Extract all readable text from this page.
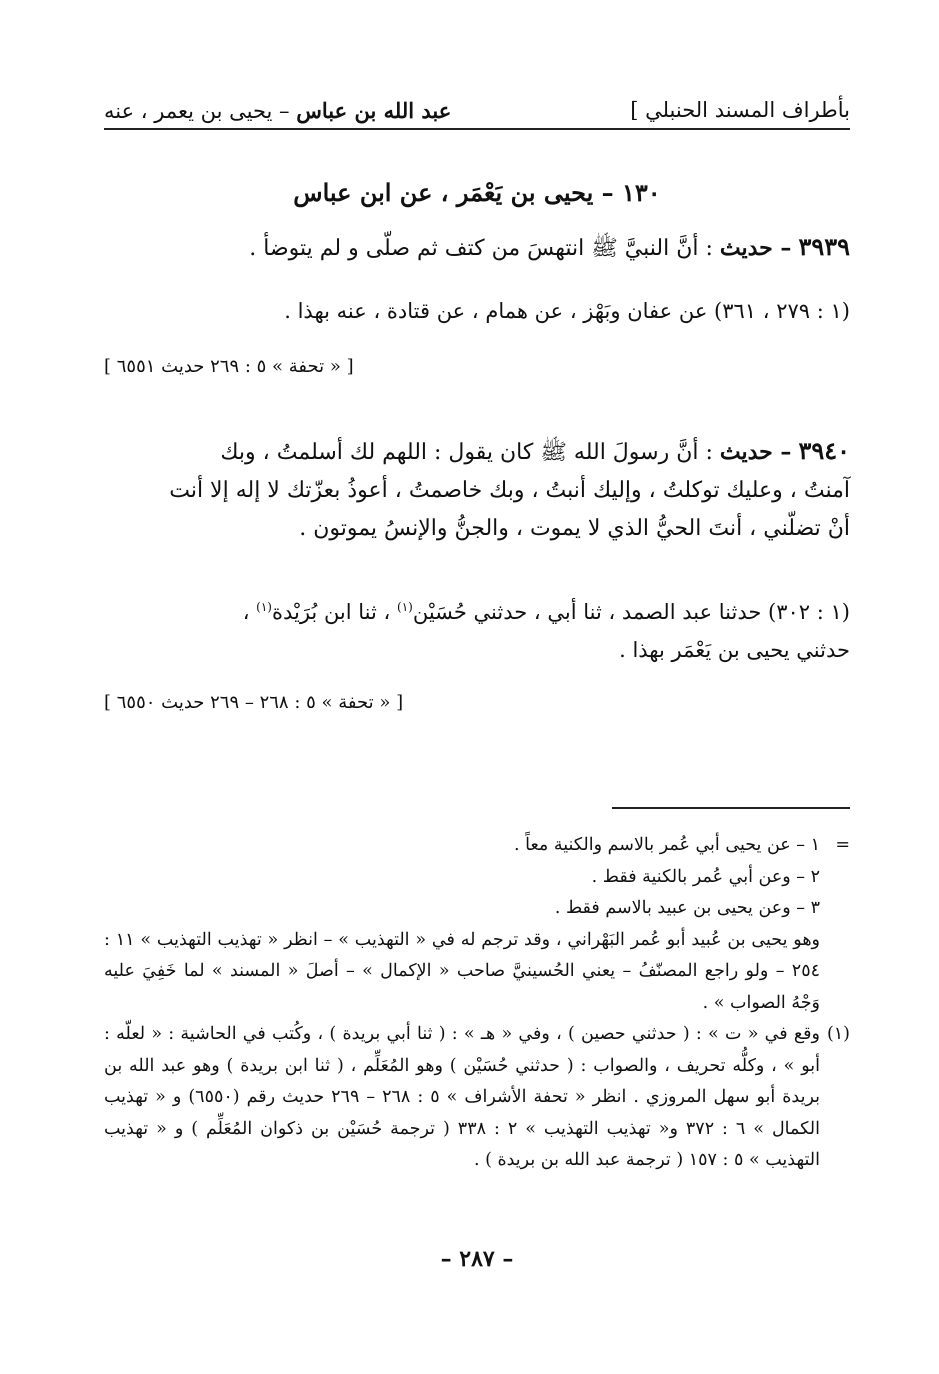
بأطراف المسند الحنبلي ]
عبد الله بن عباس – يحيى بن يعمر ، عنه
١٣٠ – يحيى بن يَعْمَر ، عن ابن عباس
٣٩٣٩ – حديث : أنَّ النبيَّ ﷺ انتهسَ من كتف ثم صلّى و لم يتوضأ .
(١ : ٢٧٩ ، ٣٦١) عن عفان وبَهْز ، عن همام ، عن قتادة ، عنه بهذا .
[ « تحفة » ٥ : ٢٦٩ حديث ٦٥٥١ ]
٣٩٤٠ – حديث : أنَّ رسولَ الله ﷺ كان يقول : اللهم لك أسلمتُ ، وبك
آمنتُ ، وعليك توكلتُ ، وإليك أنبتُ ، وبك خاصمتُ ، أعوذُ بعزّتك لا إله إلا أنت
أنْ تضلّني ، أنتَ الحيُّ الذي لا يموت ، والجنُّ والإنسُ يموتون .
(١ : ٣٠٢) حدثنا عبد الصمد ، ثنا أبي ، حدثني حُسَيْن$^{(١)}$ ، ثنا ابن بُرَيْدة$^{(١)}$ ،
حدثني يحيى بن يَعْمَر بهذا .
[ « تحفة » ٥ : ٢٦٨ – ٢٦٩ حديث ٦٥٥٠ ]
=
١ – عن يحيى أبي عُمر بالاسم والكنية معاً .
٢ – وعن أبي عُمر بالكنية فقط .
٣ – وعن يحيى بن عبيد بالاسم فقط .
وهو يحيى بن عُبيد أبو عُمر البَهْراني ، وقد ترجم له في « التهذيب » – انظر « تهذيب التهذيب » ١١ : ٢٥٤ – ولو راجع المصنّفُ – يعني الحُسينيَّ صاحب « الإكمال » – أصلَ « المسند » لما خَفِيَ عليه وَجْهُ الصواب » .
(١)
وقع في « ت » : ( حدثني حصين ) ، وفي « هـ » : ( ثنا أبي بريدة ) ، وكُتب في الحاشية : « لعلّه : أبو » ، وكلُّه تحريف ، والصواب : ( حدثني حُسَيْن ) وهو المُعَلِّم ، ( ثنا ابن بريدة ) وهو عبد الله بن بريدة أبو سهل المروزي . انظر « تحفة الأشراف » ٥ : ٢٦٨ – ٢٦٩ حديث رقم (٦٥٥٠) و « تهذيب الكمال » ٦ : ٣٧٢ و« تهذيب التهذيب » ٢ : ٣٣٨ ( ترجمة حُسَيْن بن ذكوان المُعَلِّم ) و « تهذيب التهذيب » ٥ : ١٥٧ ( ترجمة عبد الله بن بريدة ) .
– ٢٨٧ –
